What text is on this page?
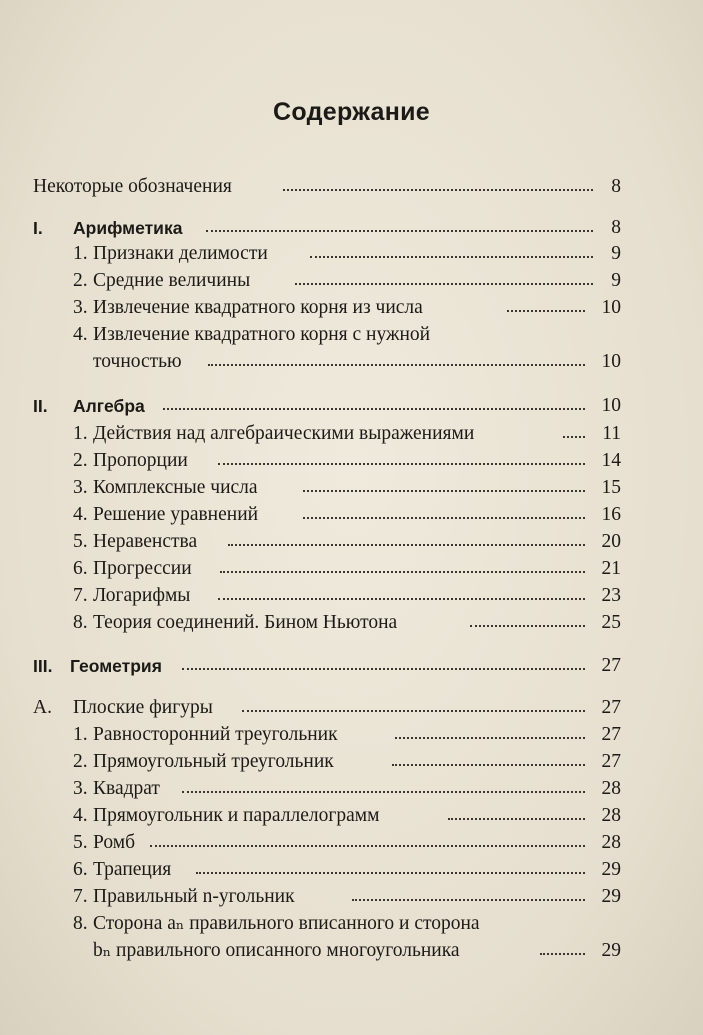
Содержание
Некоторые обозначения	8
I. Арифметика	8
1. Признаки делимости	9
2. Средние величины	9
3. Извлечение квадратного корня из числа	10
4. Извлечение квадратного корня с нужной
точностью	10
II. Алгебра	10
1. Действия над алгебраическими выражениями	11
2. Пропорции	14
3. Комплексные числа	15
4. Решение уравнений	16
5. Неравенства	20
6. Прогрессии	21
7. Логарифмы	23
8. Теория соединений. Бином Ньютона	25
III. Геометрия	27
А. Плоские фигуры	27
1. Равносторонний треугольник	27
2. Прямоугольный треугольник	27
3. Квадрат	28
4. Прямоугольник и параллелограмм	28
5. Ромб	28
6. Трапеция	29
7. Правильный n-угольник	29
8. Сторона aₙ правильного вписанного и сторона
bₙ правильного описанного многоугольника	29
